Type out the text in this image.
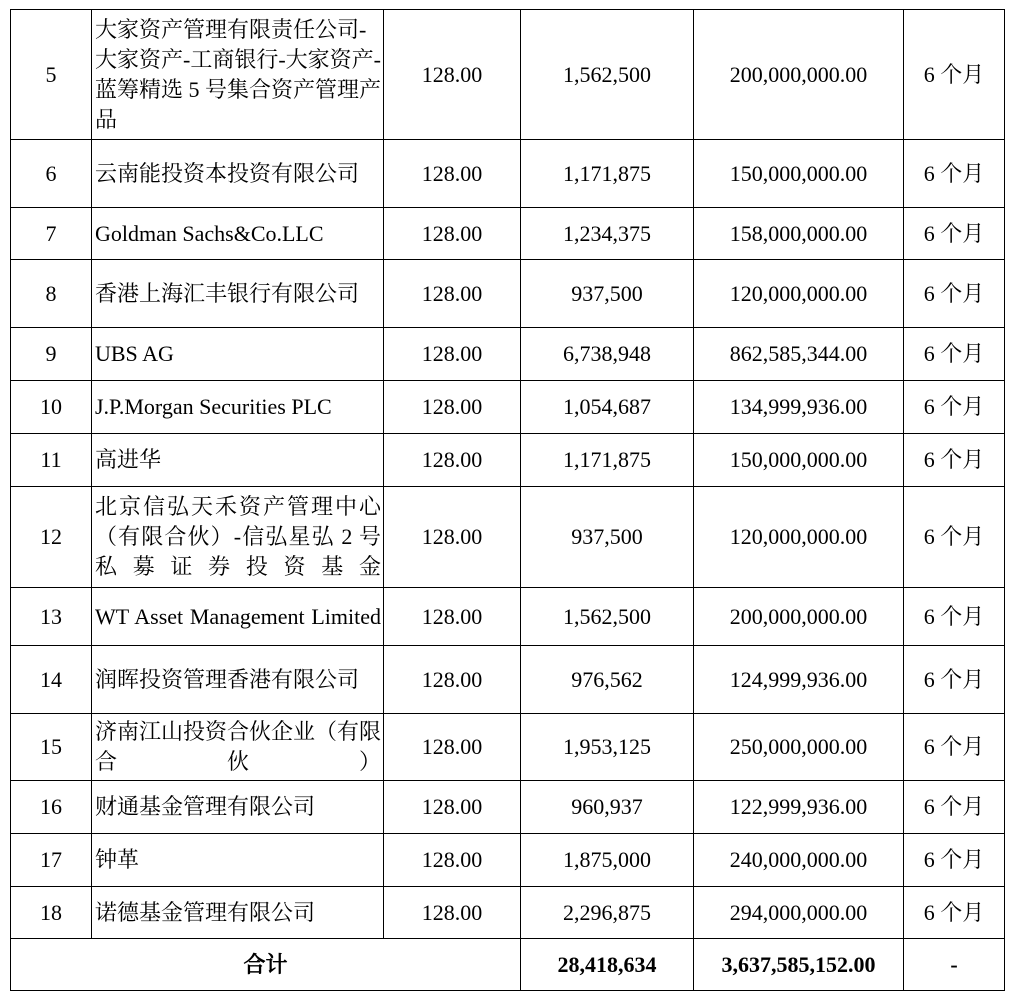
5	大家资产管理有限责任公司-大家资产-工商银行-大家资产-蓝筹精选 5 号集合资产管理产品	128.00	1,562,500	200,000,000.00	6 个月
6	云南能投资本投资有限公司	128.00	1,171,875	150,000,000.00	6 个月
7	Goldman Sachs&Co.LLC	128.00	1,234,375	158,000,000.00	6 个月
8	香港上海汇丰银行有限公司	128.00	937,500	120,000,000.00	6 个月
9	UBS AG	128.00	6,738,948	862,585,344.00	6 个月
10	J.P.Morgan Securities PLC	128.00	1,054,687	134,999,936.00	6 个月
11	高进华	128.00	1,171,875	150,000,000.00	6 个月
12	北京信弘天禾资产管理中心（有限合伙）-信弘星弘 2 号私募证券投资基金	128.00	937,500	120,000,000.00	6 个月
13	WT Asset Management Limited	128.00	1,562,500	200,000,000.00	6 个月
14	润晖投资管理香港有限公司	128.00	976,562	124,999,936.00	6 个月
15	济南江山投资合伙企业（有限合伙）	128.00	1,953,125	250,000,000.00	6 个月
16	财通基金管理有限公司	128.00	960,937	122,999,936.00	6 个月
17	钟革	128.00	1,875,000	240,000,000.00	6 个月
18	诺德基金管理有限公司	128.00	2,296,875	294,000,000.00	6 个月
合计			28,418,634	3,637,585,152.00	-
